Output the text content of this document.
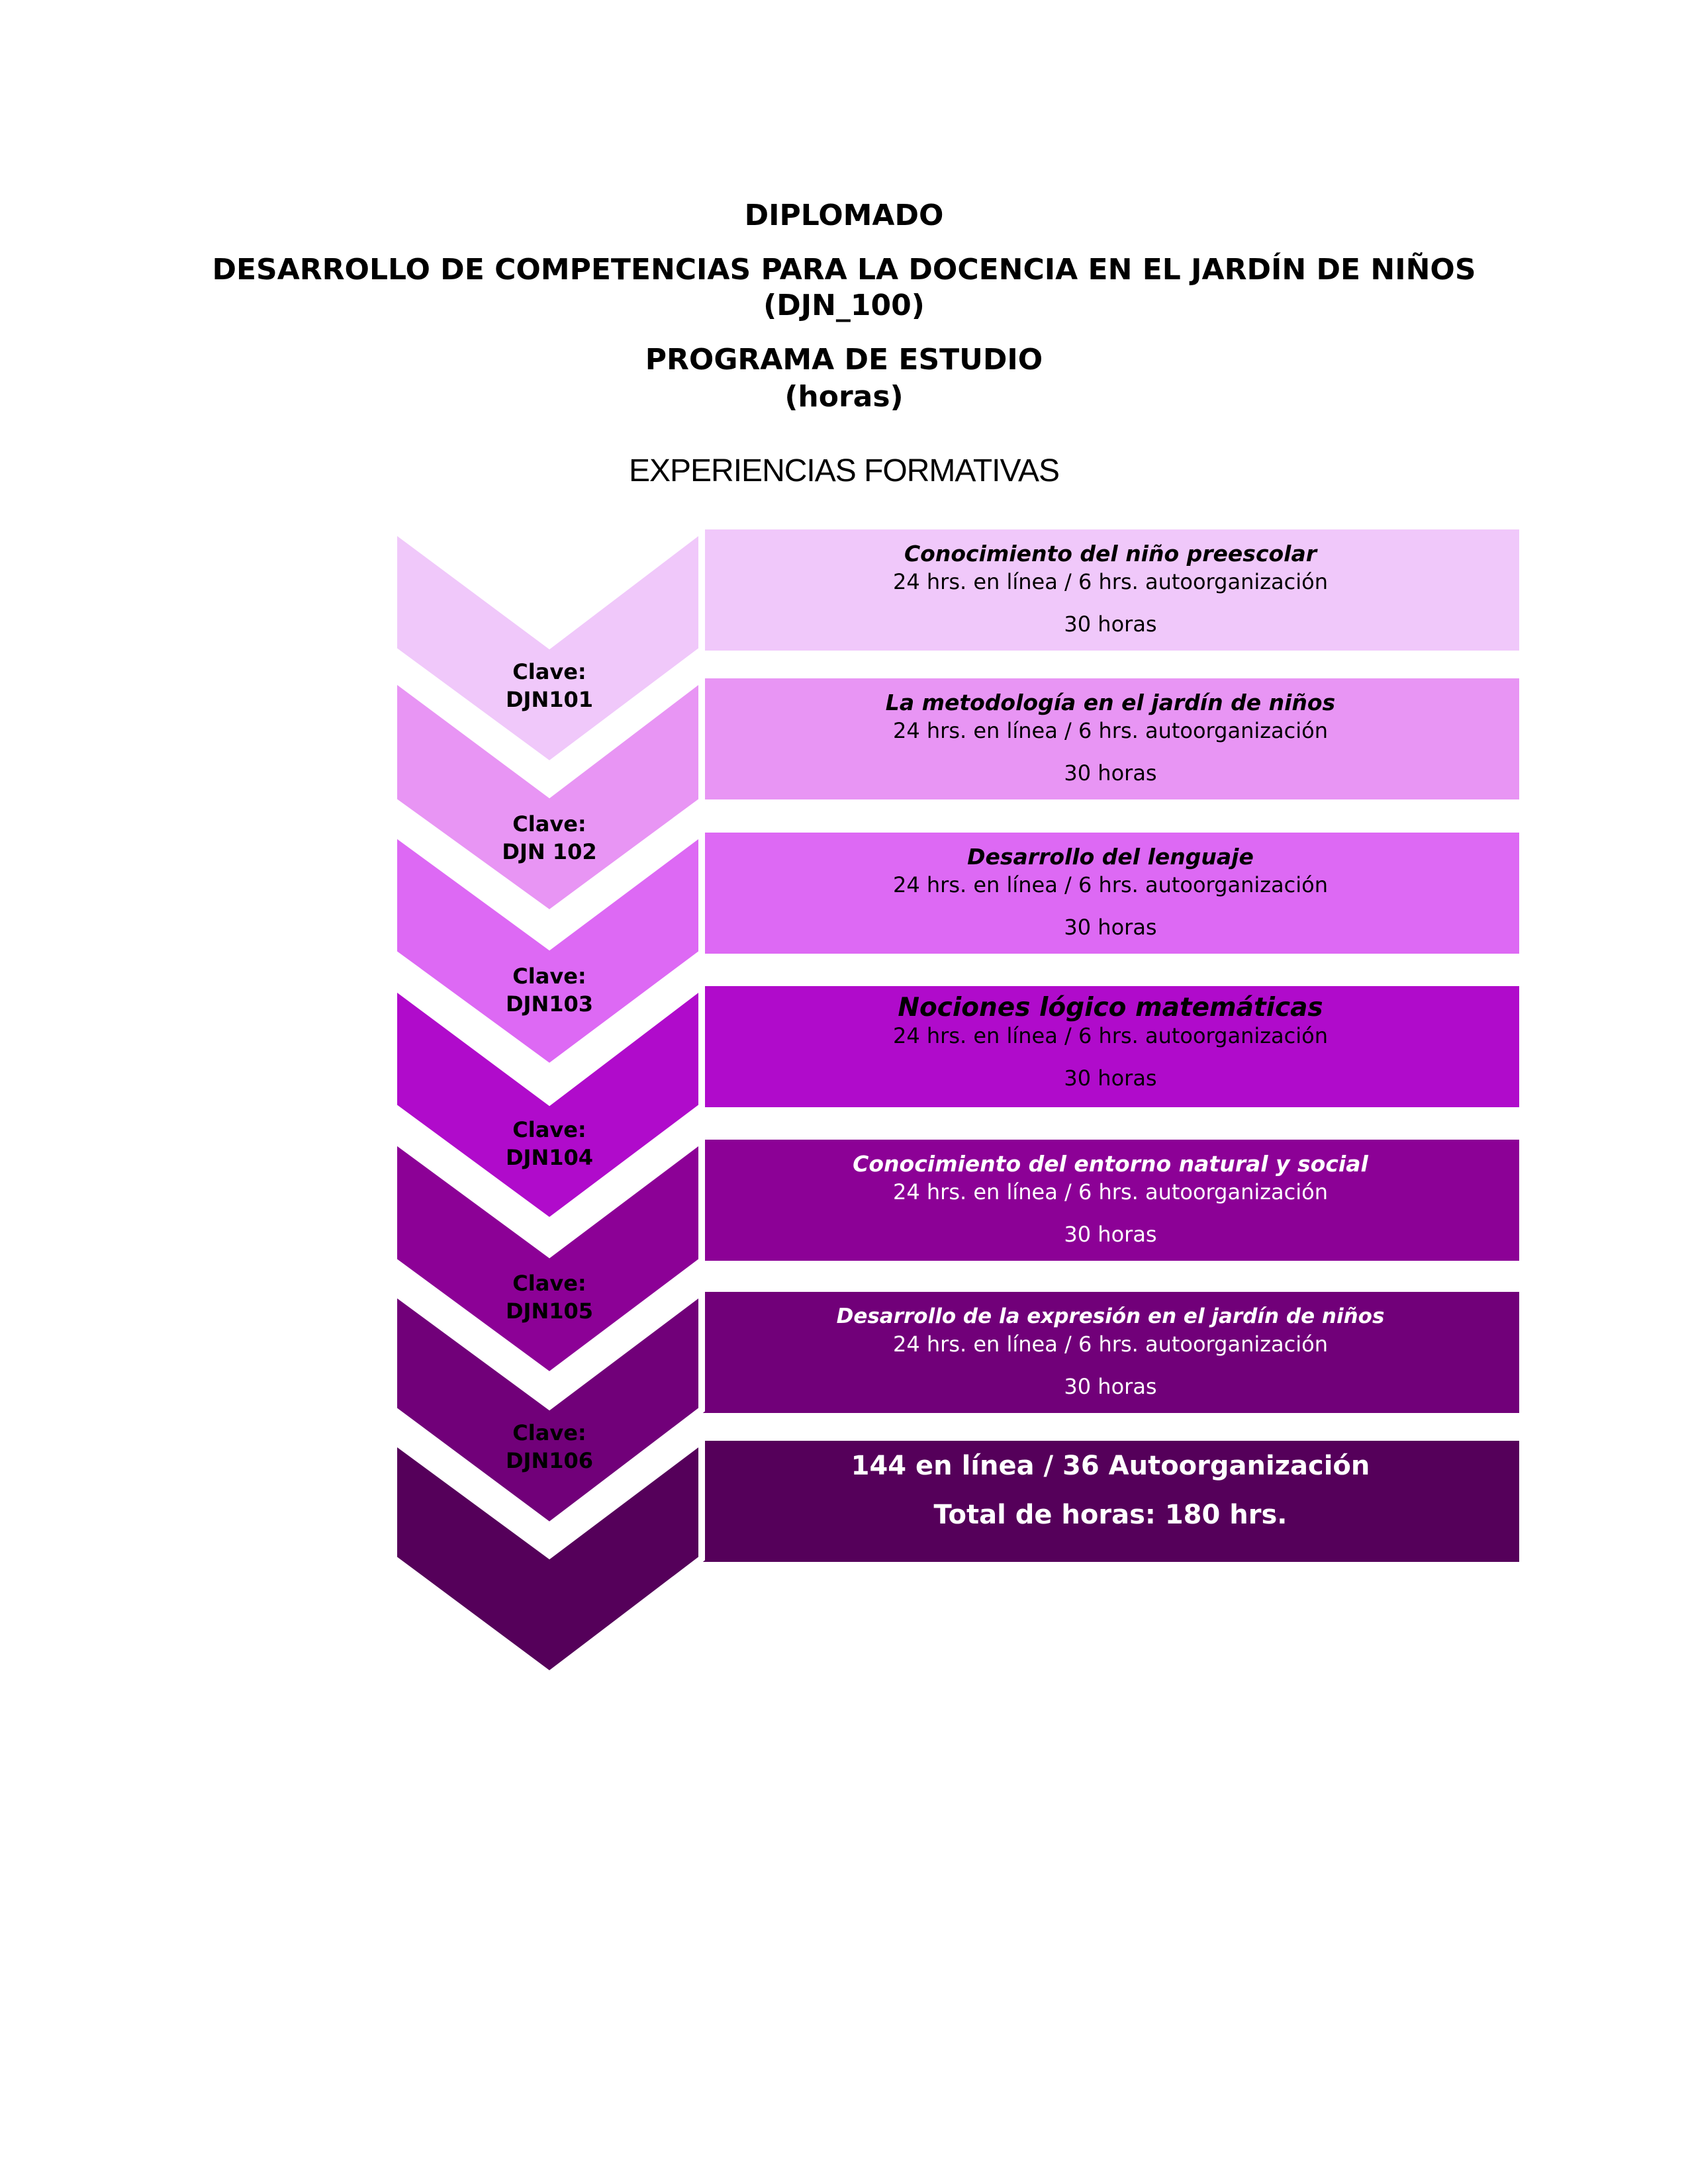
DIPLOMADO
DESARROLLO DE COMPETENCIAS PARA LA DOCENCIA EN EL JARDÍN DE NIÑOS
(DJN_100)
PROGRAMA DE ESTUDIO
(horas)
EXPERIENCIAS FORMATIVAS
Clave:
DJN101
Clave:
DJN 102
Clave:
DJN103
Clave:
DJN104
Clave:
DJN105
Clave:
DJN106
Conocimiento del niño preescolar
24 hrs. en línea / 6 hrs. autoorganización
30 horas
La metodología en el jardín de niños
24 hrs. en línea / 6 hrs. autoorganización
30 horas
Desarrollo del lenguaje
24 hrs. en línea / 6 hrs. autoorganización
30 horas
Nociones lógico matemáticas
24 hrs. en línea / 6 hrs. autoorganización
30 horas
Conocimiento del entorno natural y social
24 hrs. en línea / 6 hrs. autoorganización
30 horas
Desarrollo de la expresión en el jardín de niños
24 hrs. en línea / 6 hrs. autoorganización
30 horas
144 en línea / 36 Autoorganización
Total de horas: 180 hrs.
